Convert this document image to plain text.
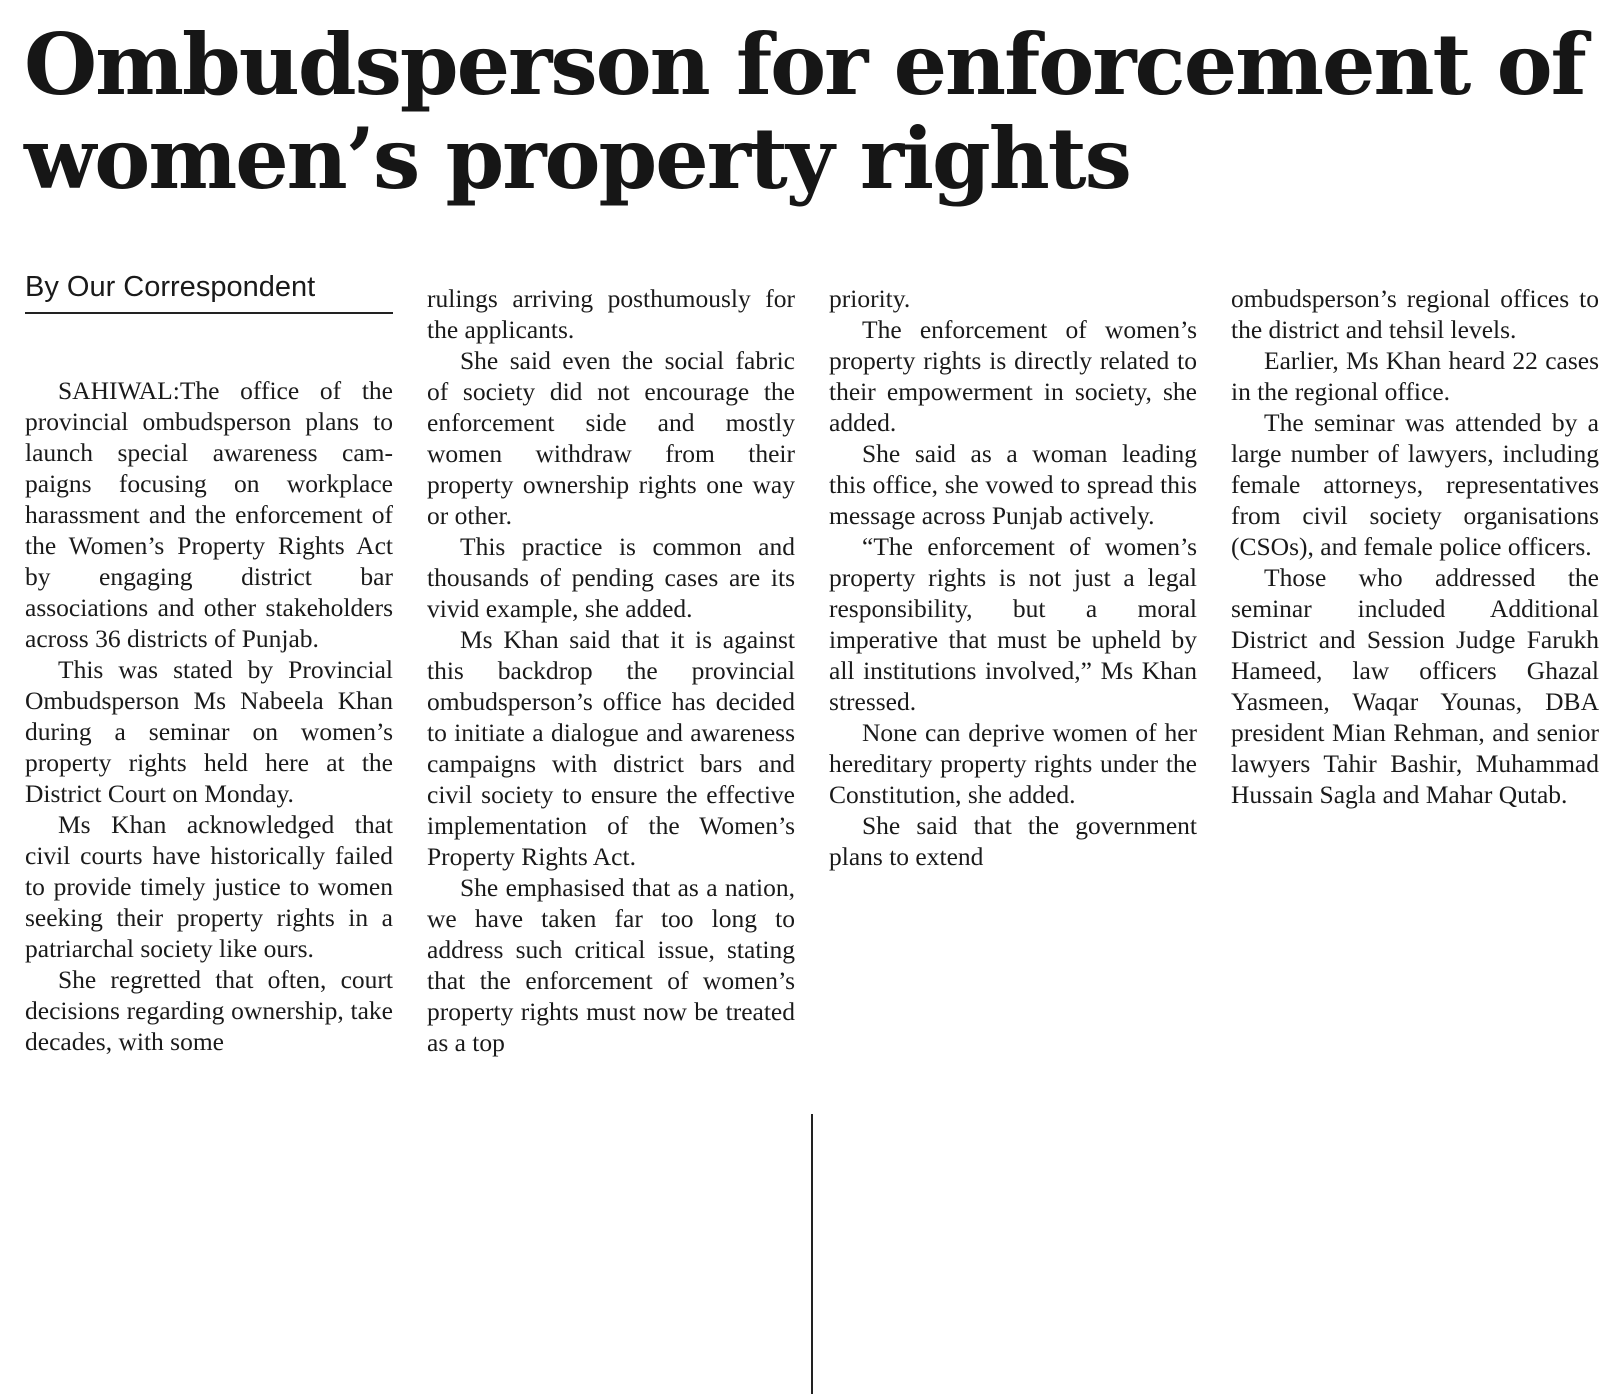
Ombudsperson for enforcement of women’s property rights
By Our Correspondent

SAHIWAL:The office of the provincial ombudsperson plans to launch special awareness campaigns focusing on workplace harassment and the enforcement of the Women’s Property Rights Act by engaging district bar associations and other stakeholders across 36 districts of Punjab.

This was stated by Provincial Ombudsperson Ms Nabeela Khan during a seminar on women’s property rights held here at the District Court on Monday.

Ms Khan acknowledged that civil courts have historically failed to provide timely justice to women seeking their property rights in a patriarchal society like ours.

She regretted that often, court decisions regarding ownership, take decades, with some

rulings arriving posthumously for the applicants.

She said even the social fabric of society did not encourage the enforcement side and mostly women withdraw from their property ownership rights one way or other.

This practice is common and thousands of pending cases are its vivid example, she added.

Ms Khan said that it is against this backdrop the provincial ombudsperson’s office has decided to initiate a dialogue and awareness campaigns with district bars and civil society to ensure the effective implementation of the Women’s Property Rights Act.

She emphasised that as a nation, we have taken far too long to address such critical issue, stating that the enforcement of women’s property rights must now be treated as a top

priority.

The enforcement of women’s property rights is directly related to their empowerment in society, she added.

She said as a woman leading this office, she vowed to spread this message across Punjab actively.

“The enforcement of women’s property rights is not just a legal responsibility, but a moral imperative that must be upheld by all institutions involved,” Ms Khan stressed.

None can deprive women of her hereditary property rights under the Constitution, she added.

She said that the government plans to extend

ombudsperson’s regional offices to the district and tehsil levels.

Earlier, Ms Khan heard 22 cases in the regional office.

The seminar was attended by a large number of lawyers, including female attorneys, representatives from civil society organisations (CSOs), and female police officers.

Those who addressed the seminar included Additional District and Session Judge Farukh Hameed, law officers Ghazal Yasmeen, Waqar Younas, DBA president Mian Rehman, and senior lawyers Tahir Bashir, Muhammad Hussain Sagla and Mahar Qutab.
